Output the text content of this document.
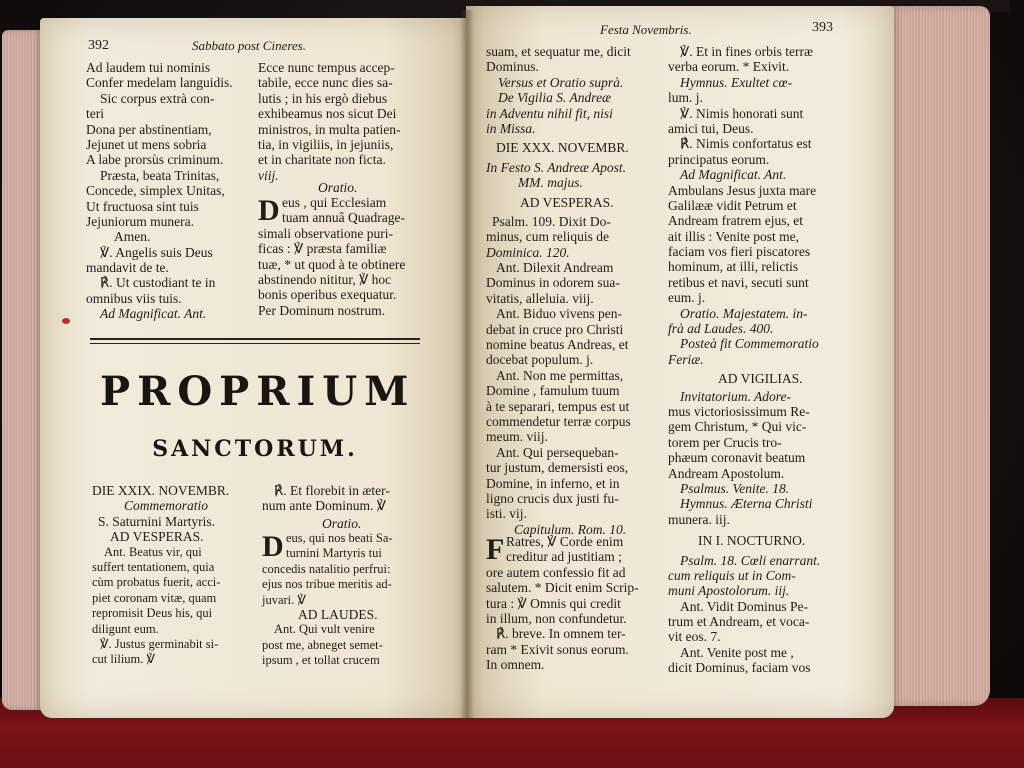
392	Sabbato post Cineres.
Ad laudem tui nominis
Confer medelam languidis.
Sic corpus extrà con-
teri
Dona per abstinentiam,
Jejunet ut mens sobria
A labe prorsùs criminum.
Præsta, beata Trinitas,
Concede, simplex Unitas,
Ut fructuosa sint tuis
Jejuniorum munera.
Amen.
℣. Angelis suis Deus
mandavit de te.
℟. Ut custodiant te in
omnibus viis tuis.
Ad Magnificat. Ant.
Ecce nunc tempus accep-
tabile, ecce nunc dies sa-
lutis ; in his ergò diebus
exhibeamus nos sicut Dei
ministros, in multa patien-
tia, in vigiliis, in jejuniis,
et in charitate non ficta.
viij.
Oratio.
D eus , qui Ecclesiam
tuam annuâ Quadrage-
simali observatione puri-
ficas : ℣ præsta familiæ
tuæ, * ut quod à te obtinere
abstinendo nititur, ℣ hoc
bonis operibus exequatur.
Per Dominum nostrum.
PROPRIUM
SANCTORUM.
DIE XXIX. NOVEMBR.
Commemoratio
S. Saturnini Martyris.
AD VESPERAS.
Ant. Beatus vir, qui
suffert tentationem, quia
cùm probatus fuerit, acci-
piet coronam vitæ, quam
repromisit Deus his, qui
diligunt eum.
℣. Justus germinabit si-
cut lilium. ℣
℟. Et florebit in æter-
num ante Dominum. ℣
Oratio.
D eus, qui nos beati Sa-
turnini Martyris tui
concedis natalitio perfrui:
ejus nos tribue meritis ad-
juvari. ℣
AD LAUDES.
Ant. Qui vult venire
post me, abneget semet-
ipsum , et tollat crucem
Festa Novembris.	393
suam, et sequatur me, dicit
Dominus.
Versus et Oratio suprà.
De Vigilia S. Andreæ
in Adventu nihil fit, nisi
in Missa.
DIE XXX. NOVEMBR.
In Festo S. Andreæ Apost.
MM. majus.
AD VESPERAS.
Psalm. 109. Dixit Do-
minus, cum reliquis de
Dominica. 120.
Ant. Dilexit Andream
Dominus in odorem sua-
vitatis, alleluia. viij.
Ant. Biduo vivens pen-
debat in cruce pro Christi
nomine beatus Andreas, et
docebat populum. j.
Ant. Non me permittas,
Domine , famulum tuum
à te separari, tempus est ut
commendetur terræ corpus
meum. viij.
Ant. Qui persequeban-
tur justum, demersisti eos,
Domine, in inferno, et in
ligno crucis dux justi fu-
isti. vij.
Capitulum. Rom. 10.
F Ratres, ℣ Corde enim
creditur ad justitiam ;
ore autem confessio fit ad
salutem. * Dicit enim Scrip-
tura : ℣ Omnis qui credit
in illum, non confundetur.
℟. breve. In omnem ter-
ram * Exivit sonus eorum.
In omnem.
℣. Et in fines orbis terræ
verba eorum. * Exivit.
Hymnus. Exultet cœ-
lum. j.
℣. Nimis honorati sunt
amici tui, Deus.
℟. Nimis confortatus est
principatus eorum.
Ad Magnificat. Ant.
Ambulans Jesus juxta mare
Galilææ vidit Petrum et
Andream fratrem ejus, et
ait illis : Venite post me,
faciam vos fieri piscatores
hominum, at illi, relictis
retibus et navi, secuti sunt
eum. j.
Oratio. Majestatem. in-
frà ad Laudes. 400.
Posteà fit Commemoratio
Feriæ.
AD VIGILIAS.
Invitatorium. Adore-
mus victoriosissimum Re-
gem Christum, * Qui vic-
torem per Crucis tro-
phæum coronavit beatum
Andream Apostolum.
Psalmus. Venite. 18.
Hymnus. Æterna Christi
munera. iij.
IN I. NOCTURNO.
Psalm. 18. Cœli enarrant.
cum reliquis ut in Com-
muni Apostolorum. iij.
Ant. Vidit Dominus Pe-
trum et Andream, et voca-
vit eos. 7.
Ant. Venite post me ,
dicit Dominus, faciam vos
